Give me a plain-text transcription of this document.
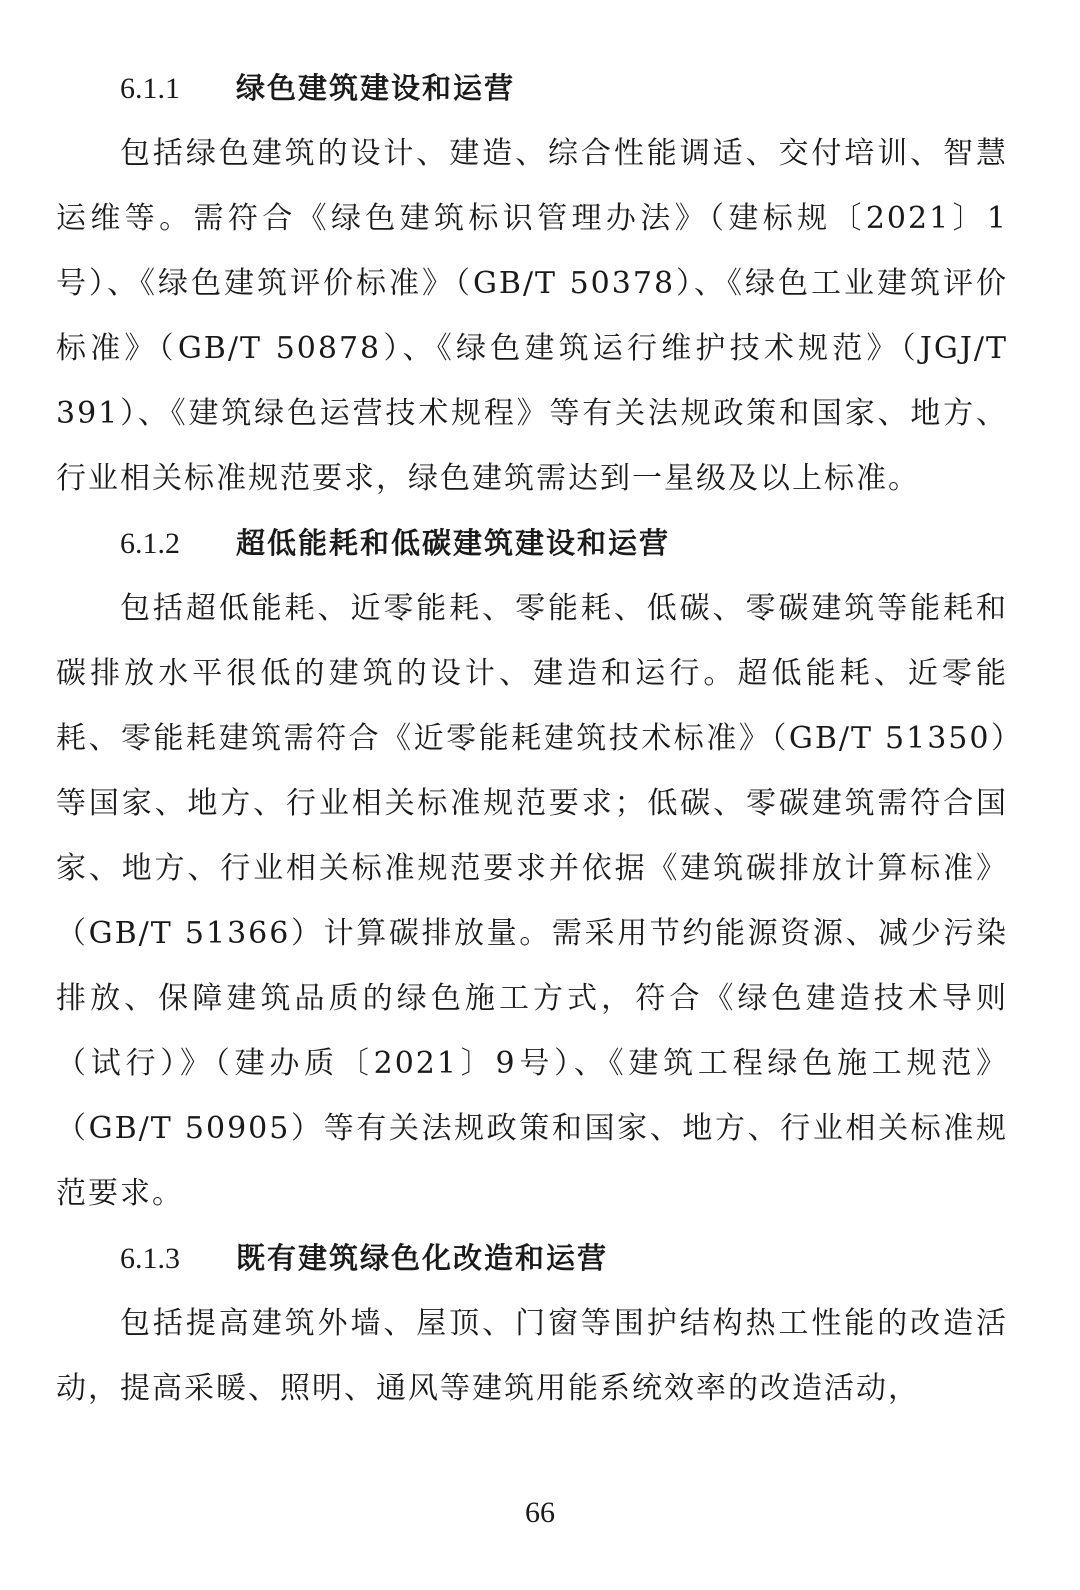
6.1.1 绿色建筑建设和运营

包括绿色建筑的设计、建造、综合性能调适、交付培训、智慧运维等。需符合《绿色建筑标识管理办法》（建标规〔2021〕1号）、《绿色建筑评价标准》（GB/T 50378）、《绿色工业建筑评价标准》（GB/T 50878）、《绿色建筑运行维护技术规范》（JGJ/T 391）、《建筑绿色运营技术规程》等有关法规政策和国家、地方、行业相关标准规范要求，绿色建筑需达到一星级及以上标准。

6.1.2 超低能耗和低碳建筑建设和运营

包括超低能耗、近零能耗、零能耗、低碳、零碳建筑等能耗和碳排放水平很低的建筑的设计、建造和运行。超低能耗、近零能耗、零能耗建筑需符合《近零能耗建筑技术标准》（GB/T 51350）等国家、地方、行业相关标准规范要求；低碳、零碳建筑需符合国家、地方、行业相关标准规范要求并依据《建筑碳排放计算标准》（GB/T 51366）计算碳排放量。需采用节约能源资源、减少污染排放、保障建筑品质的绿色施工方式，符合《绿色建造技术导则（试行）》（建办质〔2021〕9号）、《建筑工程绿色施工规范》（GB/T 50905）等有关法规政策和国家、地方、行业相关标准规范要求。

6.1.3 既有建筑绿色化改造和运营

包括提高建筑外墙、屋顶、门窗等围护结构热工性能的改造活动，提高采暖、照明、通风等建筑用能系统效率的改造活动，

66
